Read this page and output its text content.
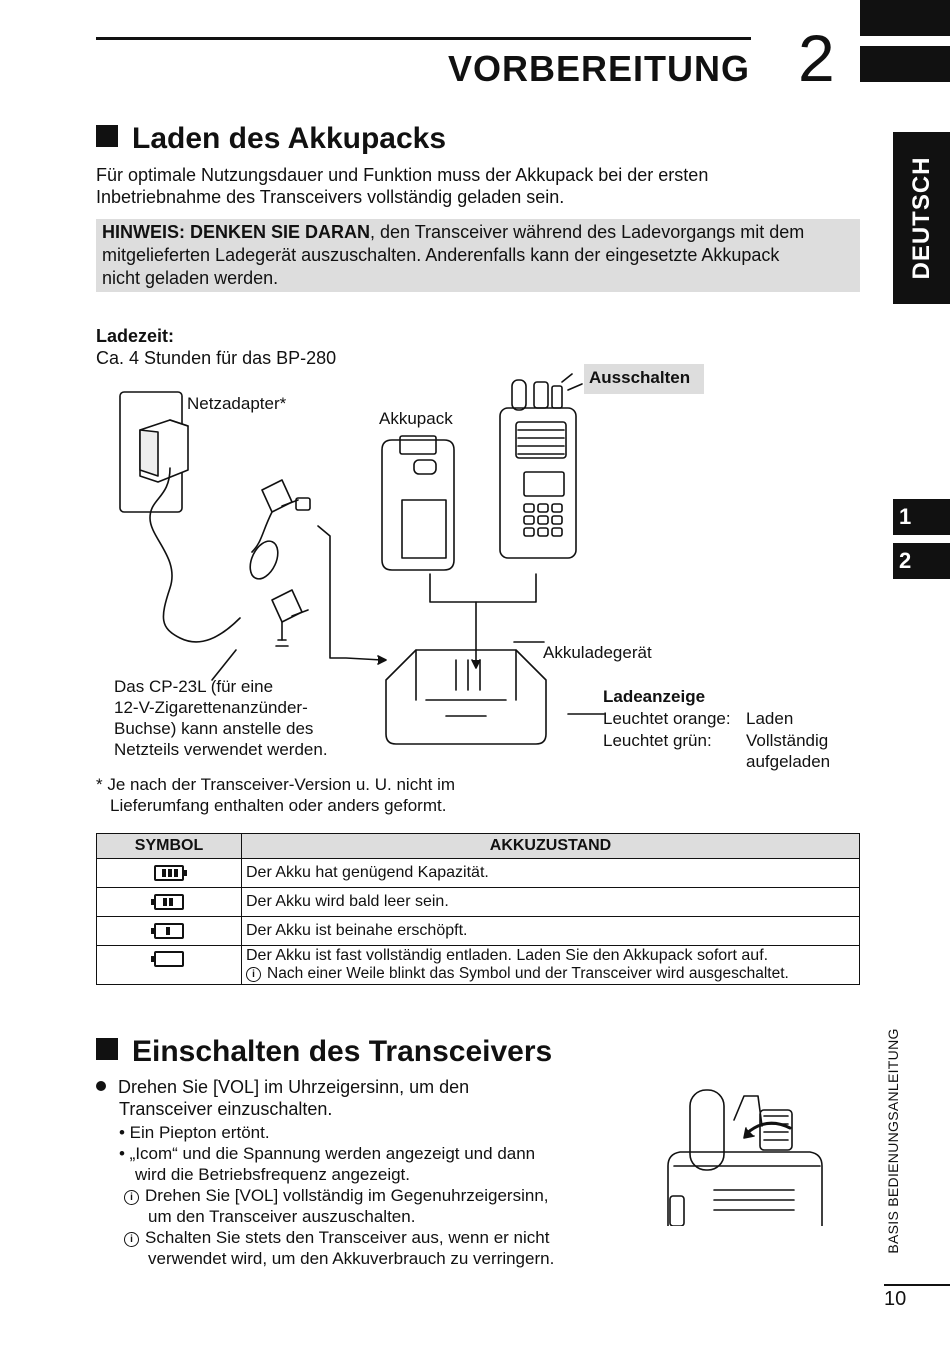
VORBEREITUNG 2
DEUTSCH
1
2
BASIS BEDIENUNGSANLEITUNG
10
Laden des Akkupacks
Für optimale Nutzungsdauer und Funktion muss der Akkupack bei der ersten
Inbetriebnahme des Transceivers vollständig geladen sein.
HINWEIS: DENKEN SIE DARAN, den Transceiver während des Ladevorgangs mit dem
mitgelieferten Ladegerät auszuschalten. Anderenfalls kann der eingesetzte Akkupack
nicht geladen werden.
Ladezeit:
Ca. 4 Stunden für das BP-280
Netzadapter*
Akkupack
Ausschalten
Akkuladegerät
Das CP-23L (für eine
12-V-Zigarettenanzünder-
Buchse) kann anstelle des
Netzteils verwendet werden.
Ladeanzeige
Leuchtet orange: Laden
Leuchtet grün: Vollständig
aufgeladen
* Je nach der Transceiver-Version u. U. nicht im
Lieferumfang enthalten oder anders geformt.
SYMBOL	AKKUZUSTAND
	Der Akku hat genügend Kapazität.
	Der Akku wird bald leer sein.
	Der Akku ist beinahe erschöpft.

	Der Akku ist fast vollständig entladen. Laden Sie den Akkupack sofort auf.
i Nach einer Weile blinkt das Symbol und der Transceiver wird ausgeschaltet.
Einschalten des Transceivers
Drehen Sie [VOL] im Uhrzeigersinn, um den
Transceiver einzuschalten.
• Ein Piepton ertönt.
• „Icom“ und die Spannung werden angezeigt und dann
wird die Betriebsfrequenz angezeigt.
i Drehen Sie [VOL] vollständig im Gegenuhrzeigersinn,
um den Transceiver auszuschalten.
i Schalten Sie stets den Transceiver aus, wenn er nicht
verwendet wird, um den Akkuverbrauch zu verringern.
